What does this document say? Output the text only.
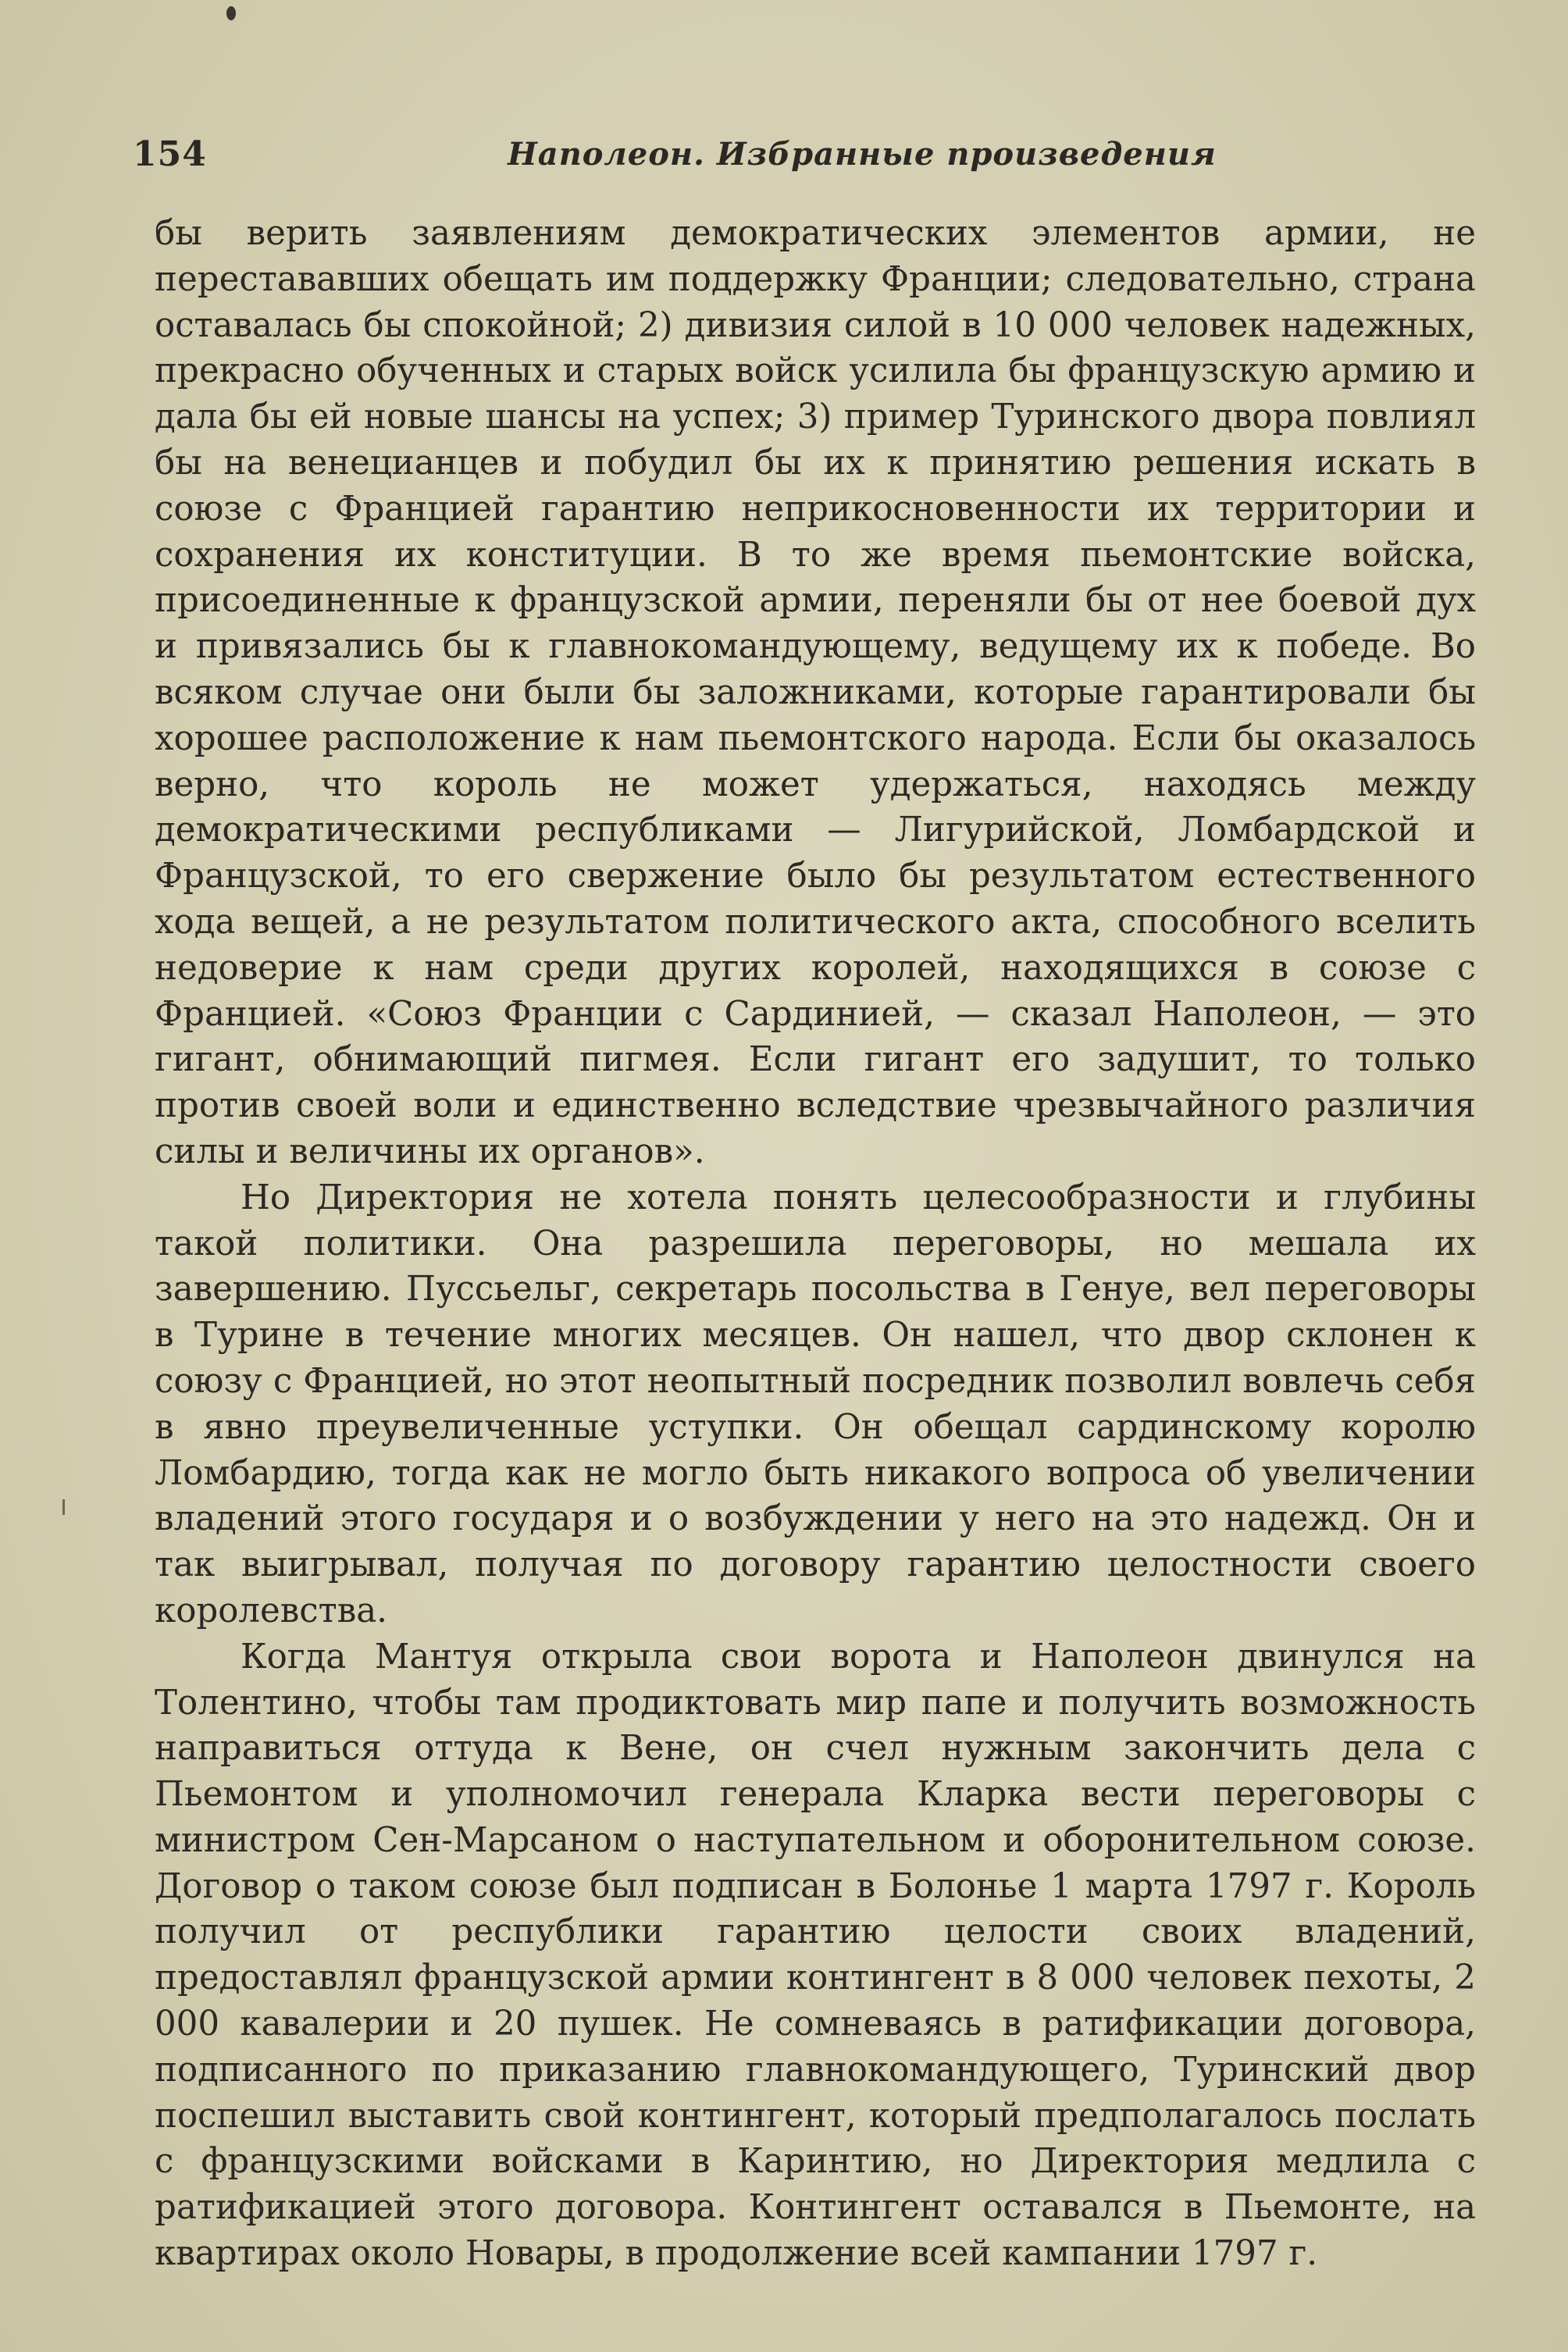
154	Наполеон. Избранные произведения

бы верить заявлениям демократических элементов армии, не перестававших обещать им поддержку Франции; следовательно, страна оставалась бы спокойной; 2) дивизия силой в 10 000 человек надежных, прекрасно обученных и старых войск усилила бы французскую армию и дала бы ей новые шансы на успех; 3) пример Туринского двора повлиял бы на венецианцев и побудил бы их к принятию решения искать в союзе с Францией гарантию неприкосновенности их территории и сохранения их конституции. В то же время пьемонтские войска, присоединенные к французской армии, переняли бы от нее боевой дух и привязались бы к главнокомандующему, ведущему их к победе. Во всяком случае они были бы заложниками, которые гарантировали бы хорошее расположение к нам пьемонтского народа. Если бы оказалось верно, что король не может удержаться, находясь между демократическими республиками — Лигурийской, Ломбардской и Французской, то его свержение было бы результатом естественного хода вещей, а не результатом политического акта, способного вселить недоверие к нам среди других королей, находящихся в союзе с Францией. «Союз Франции с Сардинией, — сказал Наполеон, — это гигант, обнимающий пигмея. Если гигант его задушит, то только против своей воли и единственно вследствие чрезвычайного различия силы и величины их органов».

Но Директория не хотела понять целесообразности и глубины такой политики. Она разрешила переговоры, но мешала их завершению. Пуссьельг, секретарь посольства в Генуе, вел переговоры в Турине в течение многих месяцев. Он нашел, что двор склонен к союзу с Францией, но этот неопытный посредник позволил вовлечь себя в явно преувеличенные уступки. Он обещал сардинскому королю Ломбардию, тогда как не могло быть никакого вопроса об увеличении владений этого государя и о возбуждении у него на это надежд. Он и так выигрывал, получая по договору гарантию целостности своего королевства.

Когда Мантуя открыла свои ворота и Наполеон двинулся на Толентино, чтобы там продиктовать мир папе и получить возможность направиться оттуда к Вене, он счел нужным закончить дела с Пьемонтом и уполномочил генерала Кларка вести переговоры с министром Сен-Марсаном о наступательном и оборонительном союзе. Договор о таком союзе был подписан в Болонье 1 марта 1797 г. Король получил от республики гарантию целости своих владений, предоставлял французской армии контингент в 8 000 человек пехоты, 2 000 кавалерии и 20 пушек. Не сомневаясь в ратификации договора, подписанного по приказанию главнокомандующего, Туринский двор поспешил выставить свой контингент, который предполагалось послать с французскими войсками в Каринтию, но Директория медлила с ратификацией этого договора. Контингент оставался в Пьемонте, на квартирах около Новары, в продолжение всей кампании 1797 г.
